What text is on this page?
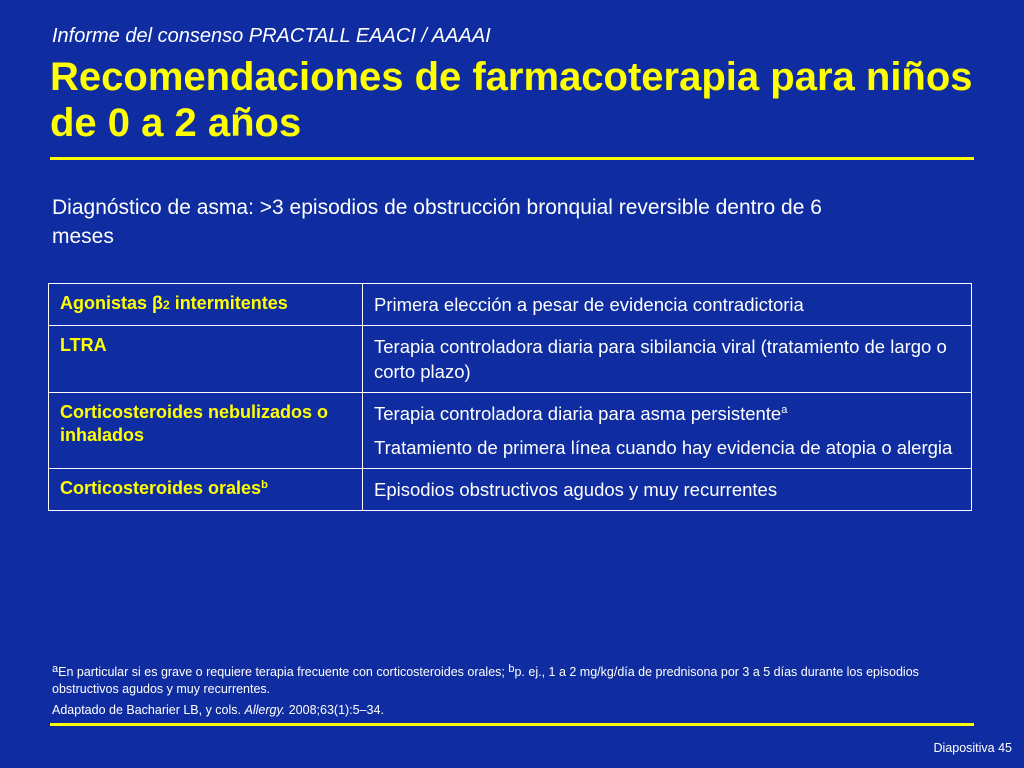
Informe del consenso PRACTALL EAACI / AAAAI
Recomendaciones de farmacoterapia para niños de 0 a 2 años
Diagnóstico de asma: >3 episodios de obstrucción bronquial reversible dentro de 6 meses
Agonistas $\beta_2$ intermitentes	Primera elección a pesar de evidencia contradictoria
LTRA	Terapia controladora diaria para sibilancia viral (tratamiento de largo o corto plazo)
Corticosteroides nebulizados o inhalados	Terapia controladora diaria para asma persistente$^a$

Tratamiento de primera línea cuando hay evidencia de atopia o alergia

Corticosteroides orales$^b$	Episodios obstructivos agudos y muy recurrentes
$^a$En particular si es grave o requiere terapia frecuente con corticosteroides orales; $^b$p. ej., 1 a 2 mg/kg/día de prednisona por 3 a 5 días durante los episodios obstructivos agudos y muy recurrentes.
Adaptado de Bacharier LB, y cols. Allergy. 2008;63(1):5–34.
Diapositiva 45
